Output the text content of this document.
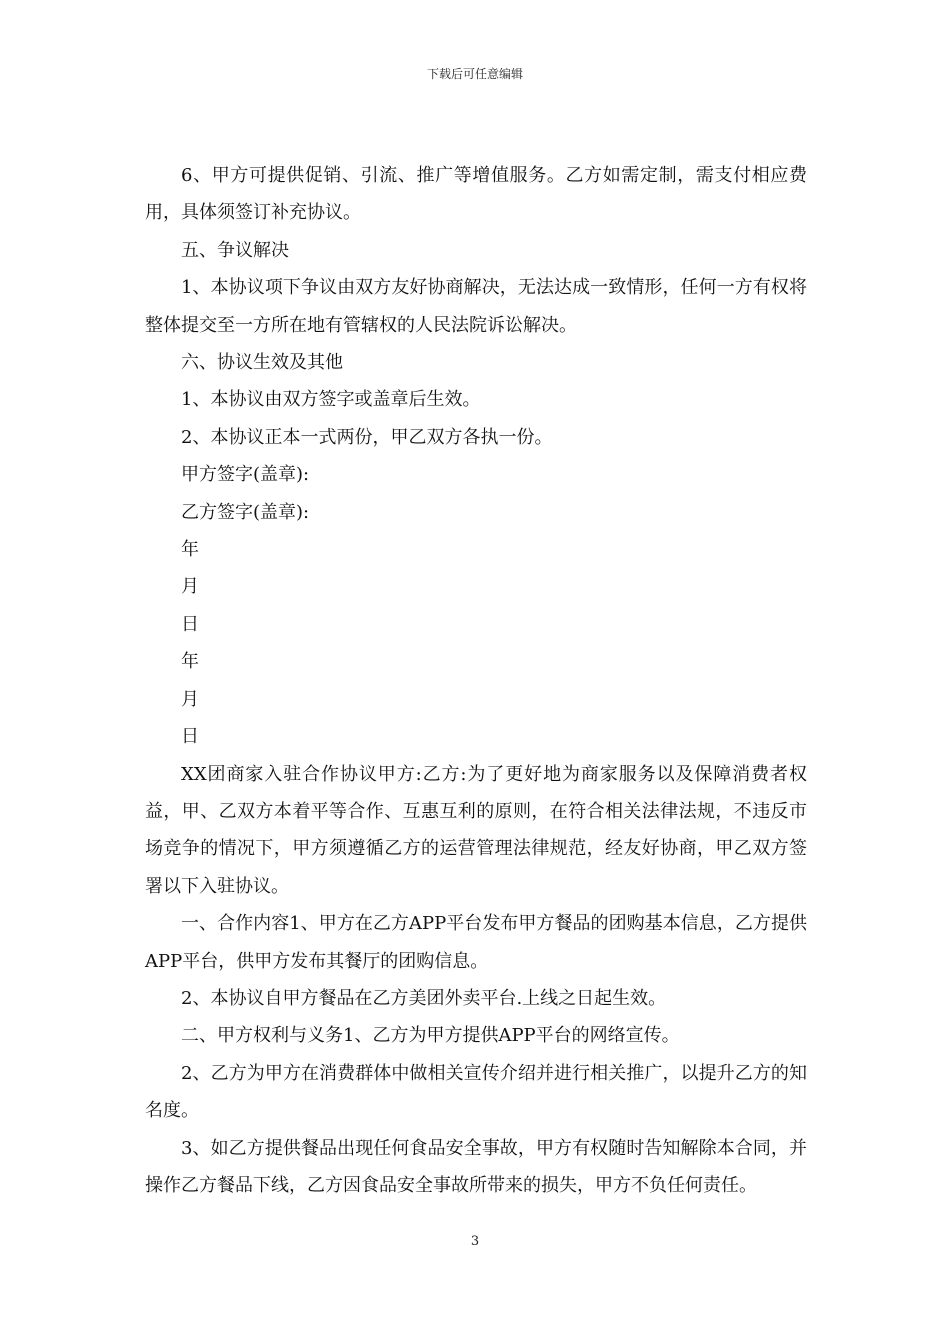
下载后可任意编辑

6、甲方可提供促销、引流、推广等增值服务。乙方如需定制，需支付相应费用，具体须签订补充协议。

五、争议解决

1、本协议项下争议由双方友好协商解决，无法达成一致情形，任何一方有权将整体提交至一方所在地有管辖权的人民法院诉讼解决。

六、协议生效及其他

1、本协议由双方签字或盖章后生效。

2、本协议正本一式两份，甲乙双方各执一份。

甲方签字(盖章):

乙方签字(盖章):

年

月

日

年

月

日

XX团商家入驻合作协议甲方:乙方:为了更好地为商家服务以及保障消费者权益，甲、乙双方本着平等合作、互惠互利的原则，在符合相关法律法规，不违反市场竞争的情况下，甲方须遵循乙方的运营管理法律规范，经友好协商，甲乙双方签署以下入驻协议。

一、合作内容1、甲方在乙方APP平台发布甲方餐品的团购基本信息，乙方提供APP平台，供甲方发布其餐厅的团购信息。

2、本协议自甲方餐品在乙方美团外卖平台.上线之日起生效。

二、甲方权利与义务1、乙方为甲方提供APP平台的网络宣传。

2、乙方为甲方在消费群体中做相关宣传介绍并进行相关推广，以提升乙方的知名度。

3、如乙方提供餐品出现任何食品安全事故，甲方有权随时告知解除本合同，并操作乙方餐品下线，乙方因食品安全事故所带来的损失，甲方不负任何责任。

3
